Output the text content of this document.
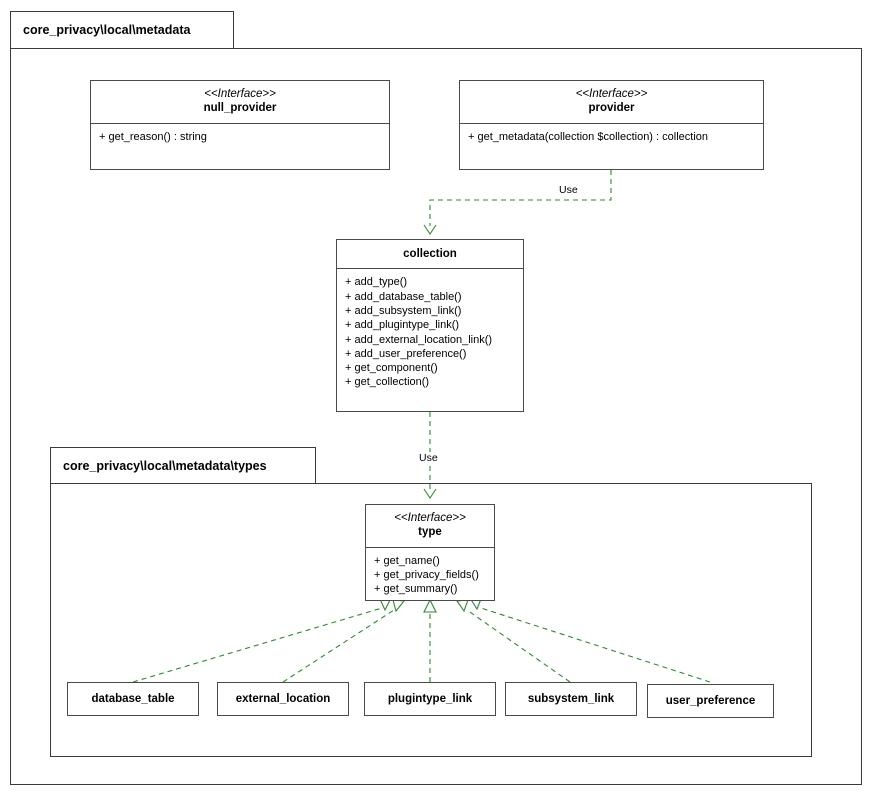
core_privacy\local\metadata
core_privacy\local\metadata\types
Use
Use
<<Interface>>
null_provider
+ get_reason() : string
<<Interface>>
provider
+ get_metadata(collection $collection) : collection
collection
+ add_type()
+ add_database_table()
+ add_subsystem_link()
+ add_plugintype_link()
+ add_external_location_link()
+ add_user_preference()
+ get_component()
+ get_collection()
<<Interface>>
type
+ get_name()
+ get_privacy_fields()
+ get_summary()
database_table	external_location	plugintype_link	subsystem_link	user_preference
